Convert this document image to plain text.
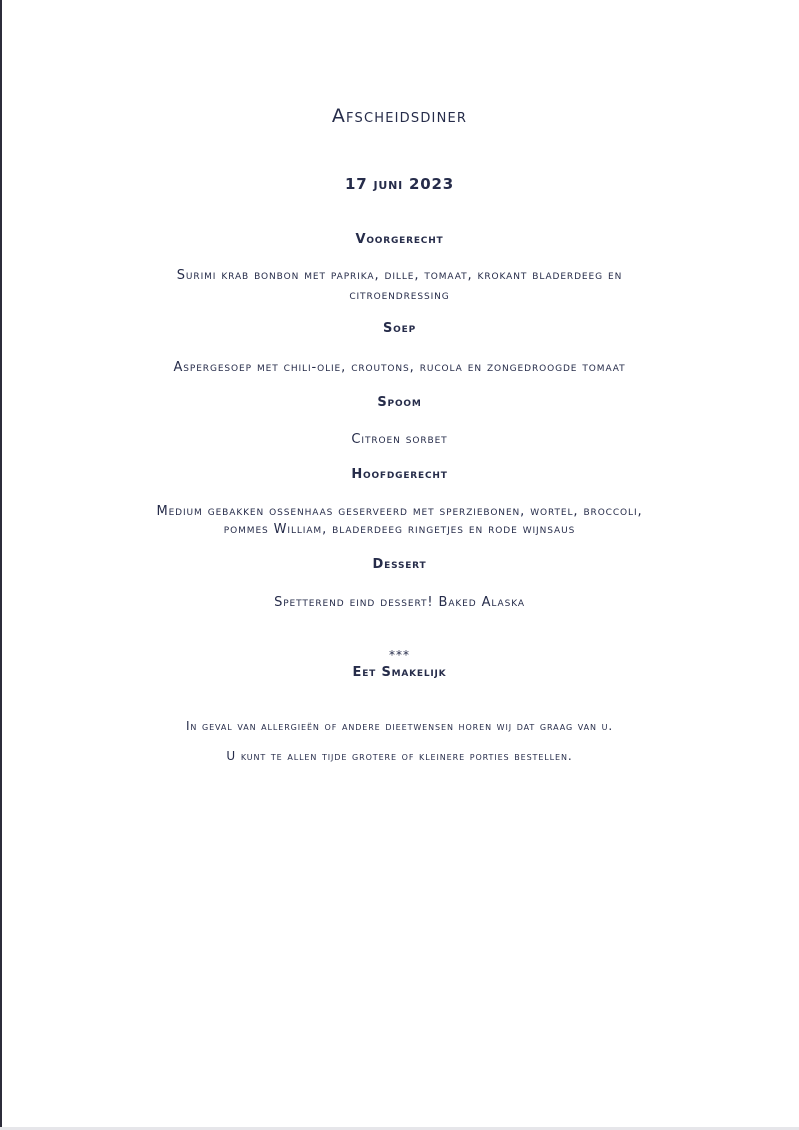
Afscheidsdiner
17 juni 2023
Voorgerecht
Surimi krab bonbon met paprika, dille, tomaat, krokant bladerdeeg en
citroendressing
Soep
Aspergesoep met chili-olie, croutons, rucola en zongedroogde tomaat
Spoom
Citroen sorbet
Hoofdgerecht
Medium gebakken ossenhaas geserveerd met sperziebonen, wortel, broccoli,
pommes William, bladerdeeg ringetjes en rode wijnsaus
Dessert
Spetterend eind dessert! Baked Alaska
***
Eet Smakelijk
In geval van allergieën of andere dieetwensen horen wij dat graag van u.
U kunt te allen tijde grotere of kleinere porties bestellen.
